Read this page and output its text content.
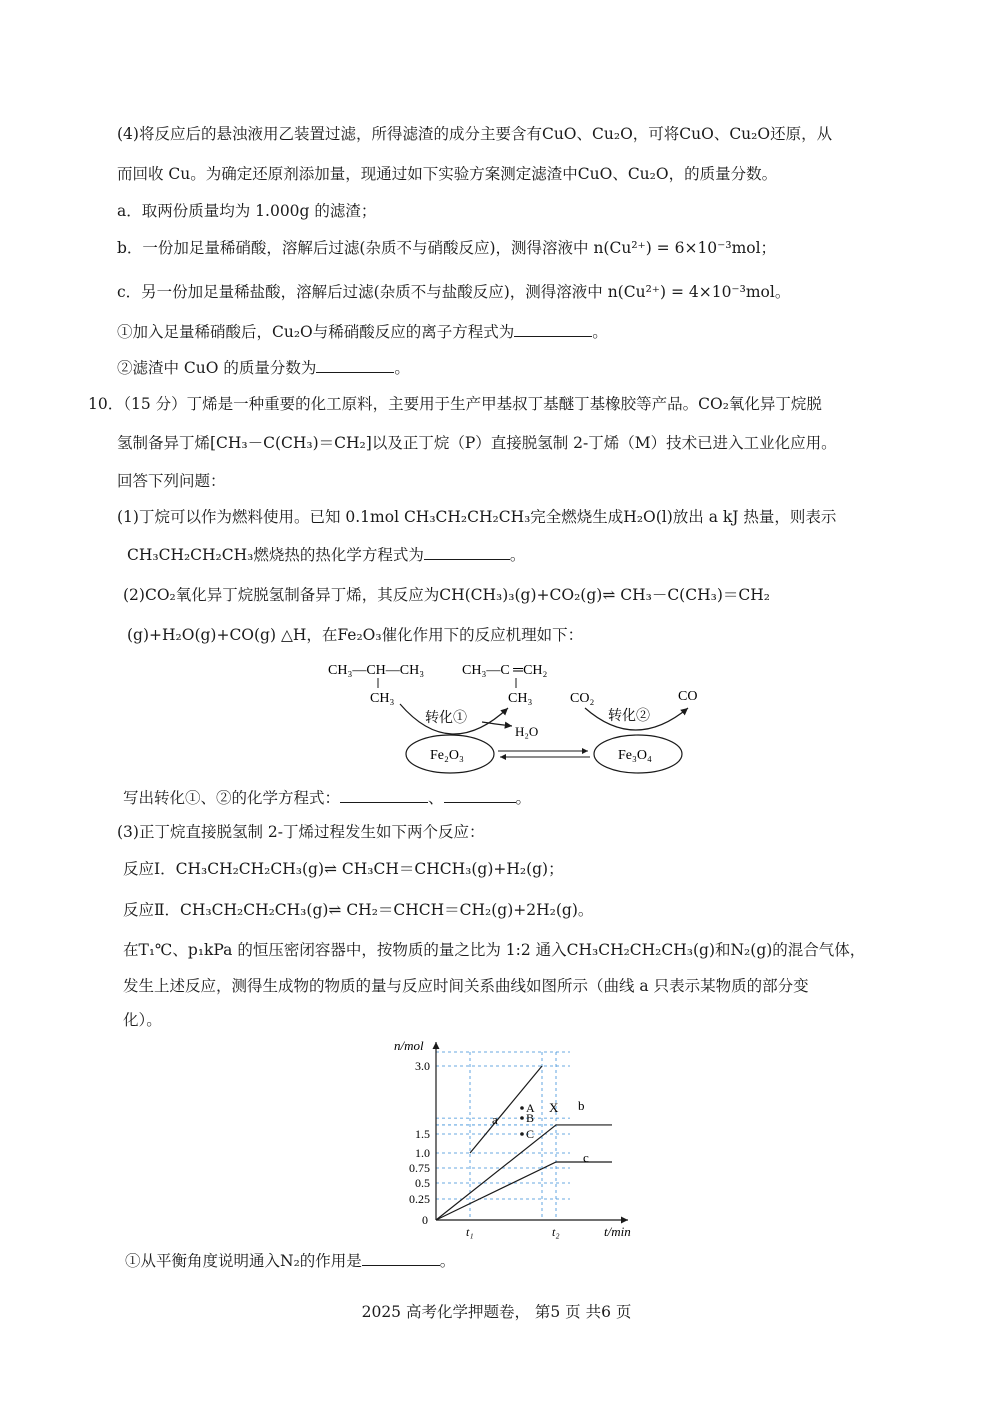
(4)将反应后的悬浊液用乙装置过滤，所得滤渣的成分主要含有CuO、Cu₂O，可将CuO、Cu₂O还原，从
而回收 Cu。为确定还原剂添加量，现通过如下实验方案测定滤渣中CuO、Cu₂O，的质量分数。
a．取两份质量均为 1.000g 的滤渣；
b．一份加足量稀硝酸，溶解后过滤(杂质不与硝酸反应)，测得溶液中 n(Cu²⁺) = 6×10⁻³mol；
c．另一份加足量稀盐酸，溶解后过滤(杂质不与盐酸反应)，测得溶液中 n(Cu²⁺) = 4×10⁻³mol。
①加入足量稀硝酸后，Cu₂O与稀硝酸反应的离子方程式为	。
②滤渣中 CuO 的质量分数为	。
10．（15 分）丁烯是一种重要的化工原料，主要用于生产甲基叔丁基醚丁基橡胶等产品。CO₂氧化异丁烷脱
氢制备异丁烯[CH₃－C(CH₃)＝CH₂]以及正丁烷（P）直接脱氢制 2-丁烯（M）技术已进入工业化应用。
回答下列问题：
(1)丁烷可以作为燃料使用。已知 0.1mol CH₃CH₂CH₂CH₃完全燃烧生成H₂O(l)放出 a kJ 热量，则表示
CH₃CH₂CH₂CH₃燃烧热的热化学方程式为	。
(2)CO₂氧化异丁烷脱氢制备异丁烯，其反应为CH(CH₃)₃(g)+CO₂(g)⇌ CH₃－C(CH₃)＝CH₂
(g)+H₂O(g)+CO(g) △H，在Fe₂O₃催化作用下的反应机理如下：
CH₃—CH—CH₃
CH₃
CH₃—C ═CH₂
CH₃
转化①
H₂O
CO₂	CO
转化②
Fe₂O₃	Fe₃O₄
写出转化①、②的化学方程式：	、	。
(3)正丁烷直接脱氢制 2-丁烯过程发生如下两个反应：
反应Ⅰ．CH₃CH₂CH₂CH₃(g)⇌ CH₃CH＝CHCH₃(g)+H₂(g)；
反应Ⅱ．CH₃CH₂CH₂CH₃(g)⇌ CH₂＝CHCH＝CH₂(g)+2H₂(g)。
在T₁℃、p₁kPa 的恒压密闭容器中，按物质的量之比为 1:2 通入CH₃CH₂CH₂CH₃(g)和N₂(g)的混合气体，
发生上述反应，测得生成物的物质的量与反应时间关系曲线如图所示（曲线 a 只表示某物质的部分变
化）。
n/mol
t/min
0
0.25
0.5
0.75
1.0
1.5
3.0
t₁	t₂
a
b
c
A
B
C
X
①从平衡角度说明通入N₂的作用是	。
2025 高考化学押题卷， 第5 页 共6 页
